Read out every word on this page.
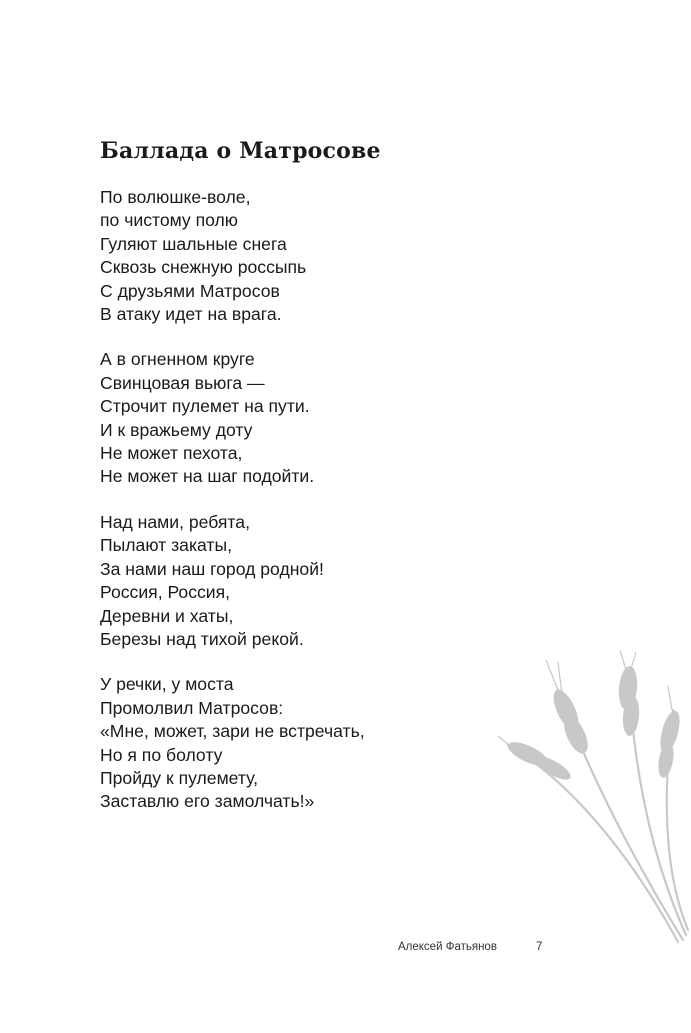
Баллада о Матросове
По волюшке-воле,
по чистому полю
Гуляют шальные снега
Сквозь снежную россыпь
С друзьями Матросов
В атаку идет на врага.
А в огненном круге
Свинцовая вьюга —
Строчит пулемет на пути.
И к вражьему доту
Не может пехота,
Не может на шаг подойти.
Над нами, ребята,
Пылают закаты,
За нами наш город родной!
Россия, Россия,
Деревни и хаты,
Березы над тихой рекой.
У речки, у моста
Промолвил Матросов:
«Мне, может, зари не встречать,
Но я по болоту
Пройду к пулемету,
Заставлю его замолчать!»
Алексей Фатьянов	7
